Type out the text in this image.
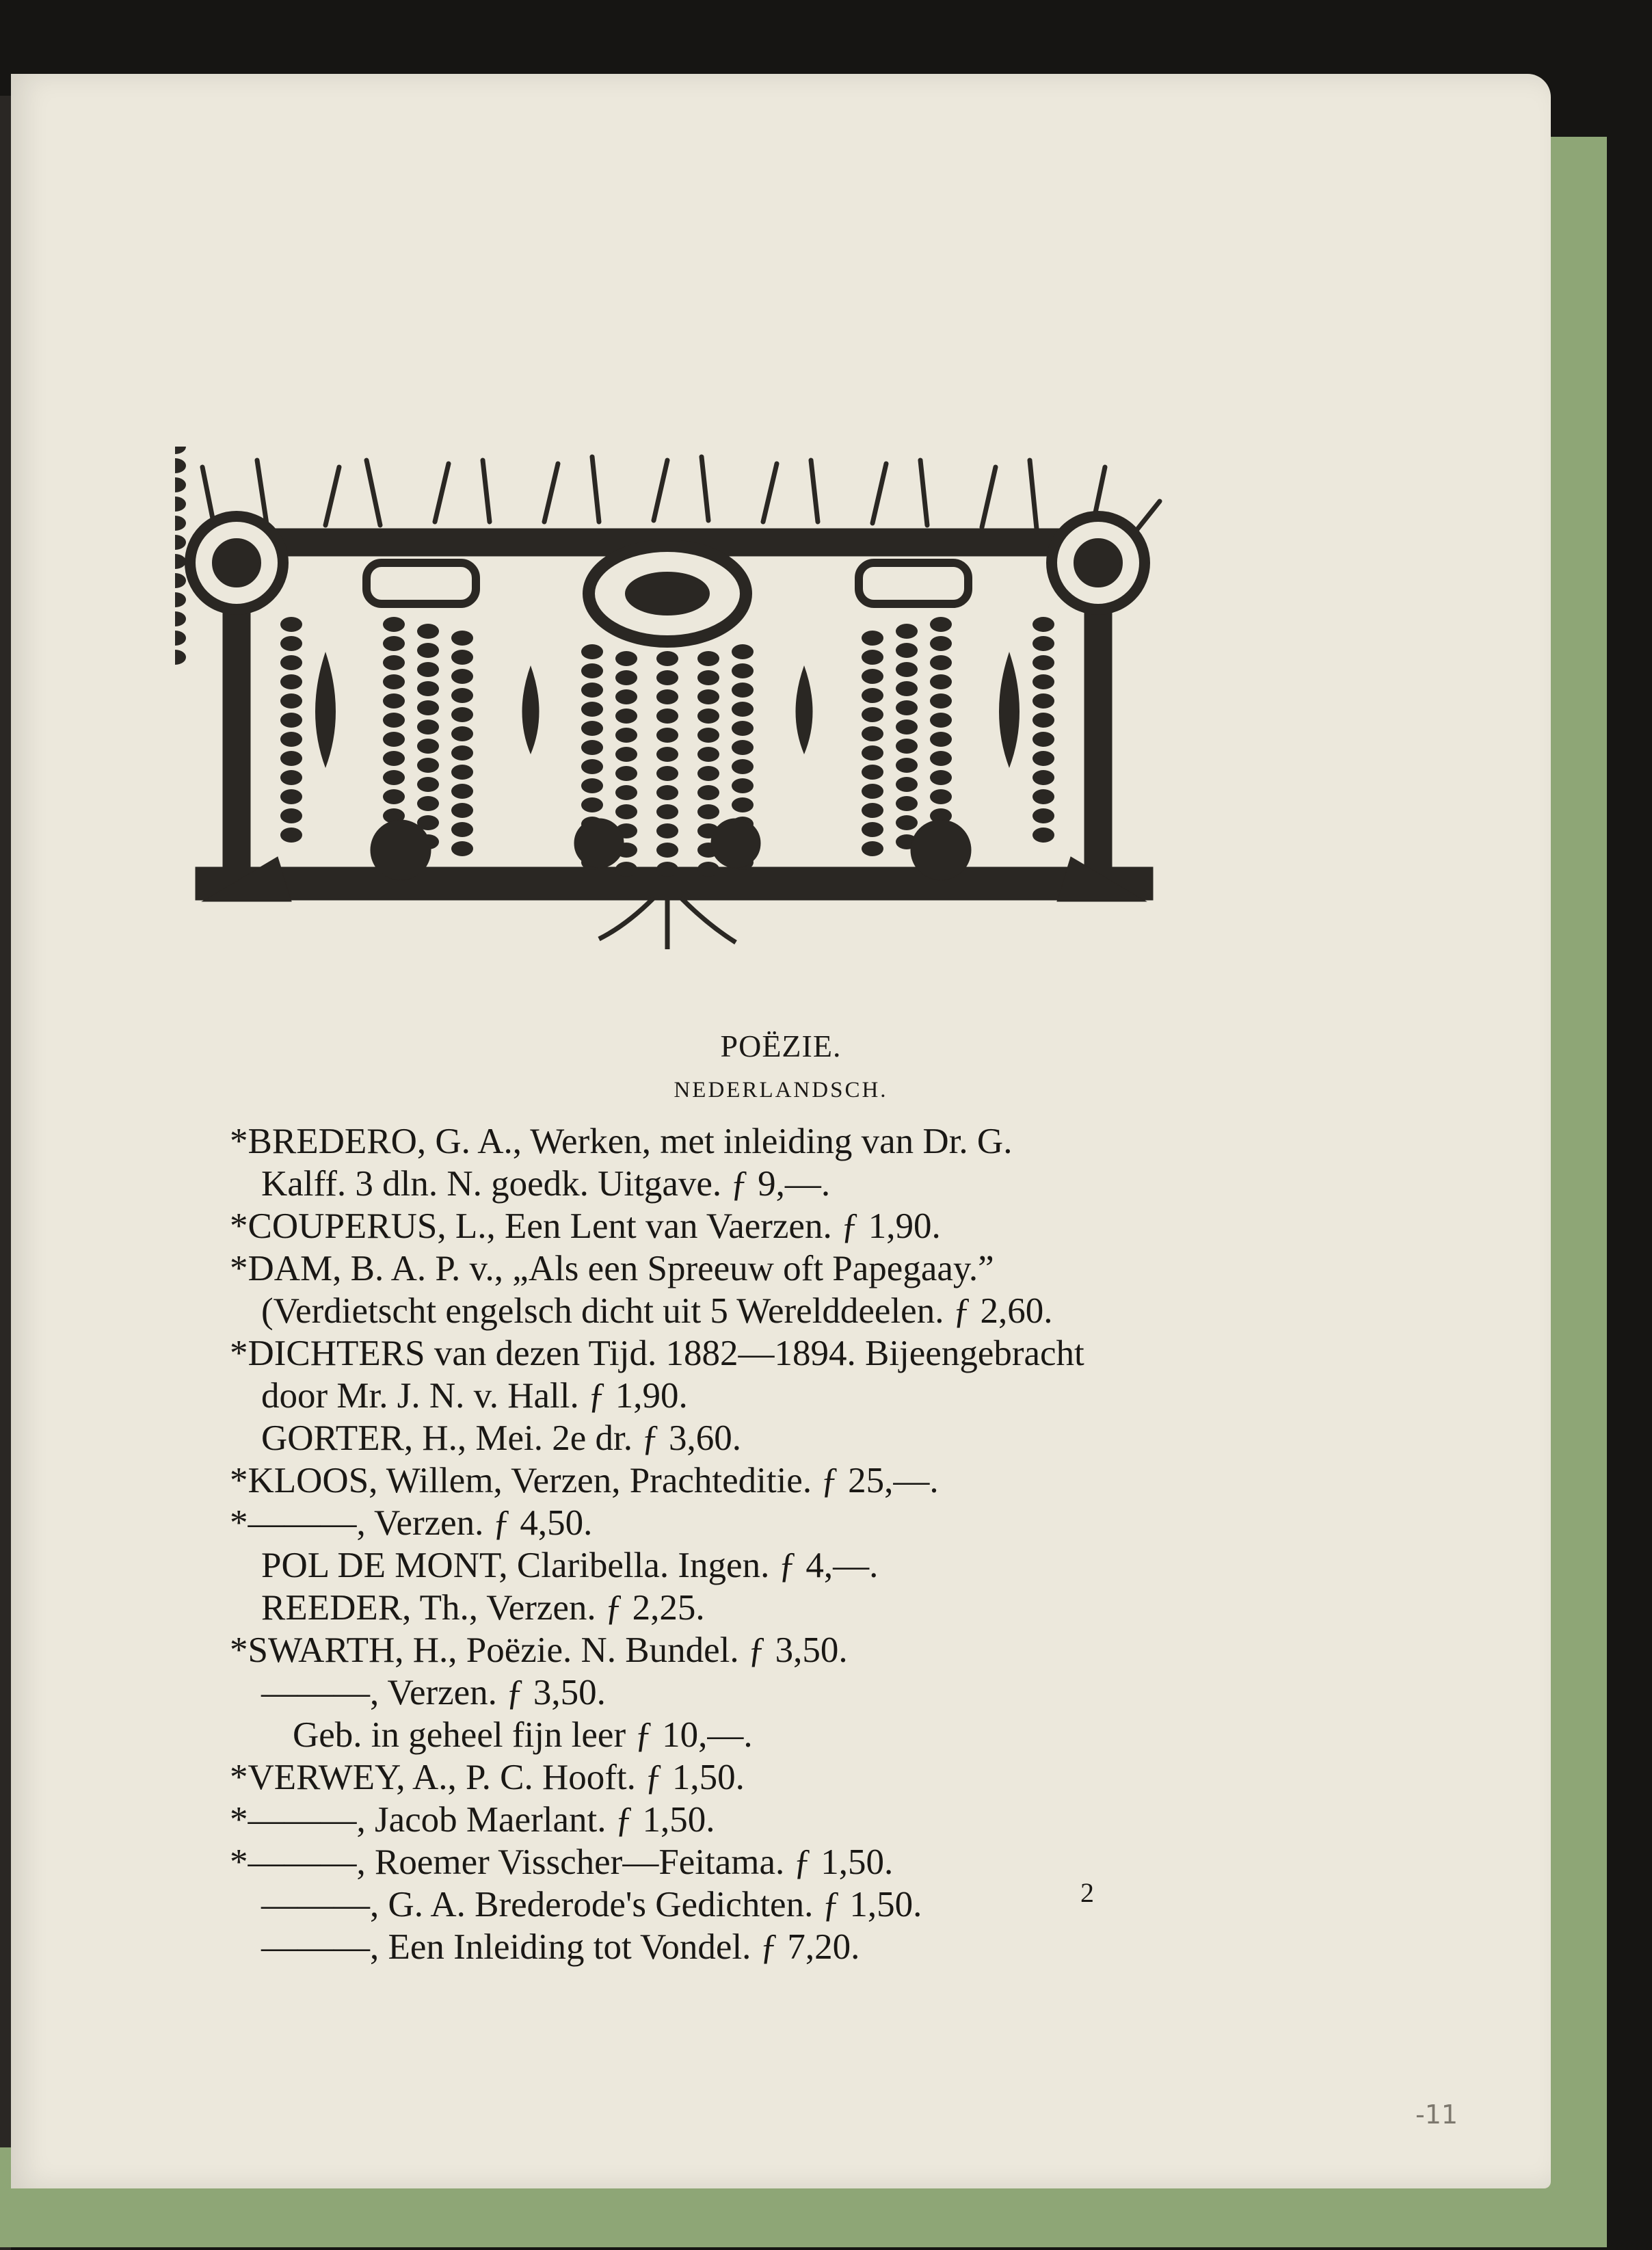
POËZIE.
NEDERLANDSCH.
*BREDERO, G. A., Werken, met inleiding van Dr. G.
Kalff. 3 dln. N. goedk. Uitgave. ƒ 9,—.
*COUPERUS, L., Een Lent van Vaerzen. ƒ 1,90.
*DAM, B. A. P. v., „Als een Spreeuw oft Papegaay.”
(Verdietscht engelsch dicht uit 5 Werelddeelen. ƒ 2,60.
*DICHTERS van dezen Tijd. 1882—1894. Bijeengebracht
door Mr. J. N. v. Hall. ƒ 1,90.
GORTER, H., Mei. 2e dr. ƒ 3,60.
*KLOOS, Willem, Verzen, Prachteditie. ƒ 25,—.
*———, Verzen. ƒ 4,50.
POL DE MONT, Claribella. Ingen. ƒ 4,—.
REEDER, Th., Verzen. ƒ 2,25.
*SWARTH, H., Poëzie. N. Bundel. ƒ 3,50.
———, Verzen. ƒ 3,50.
Geb. in geheel fijn leer ƒ 10,—.
*VERWEY, A., P. C. Hooft. ƒ 1,50.
*———, Jacob Maerlant. ƒ 1,50.
*———, Roemer Visscher—Feitama. ƒ 1,50.
———, G. A. Brederode's Gedichten. ƒ 1,50.
———, Een Inleiding tot Vondel. ƒ 7,20.
2
-11
